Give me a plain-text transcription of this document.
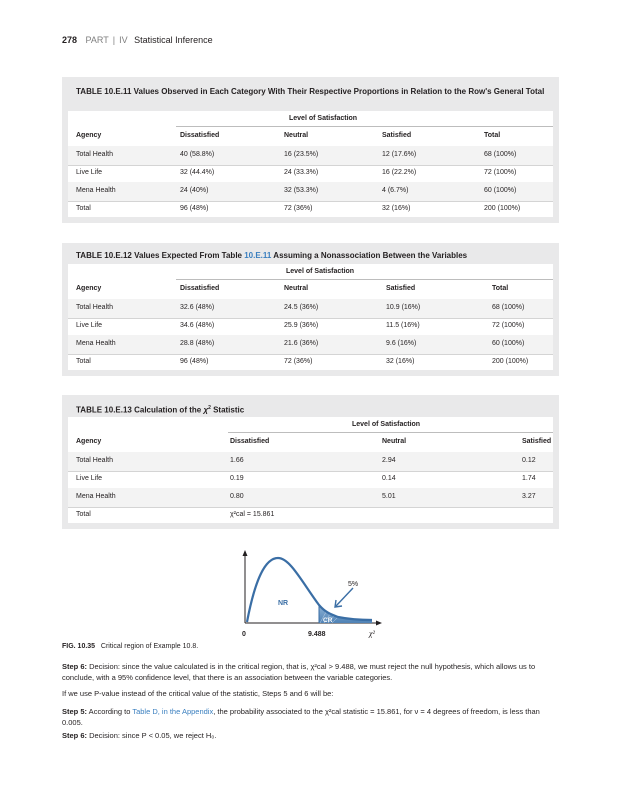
278 PART | IV Statistical Inference
TABLE 10.E.11 Values Observed in Each Category With Their Respective Proportions in Relation to the Row's General Total
Level of Satisfaction
Agency	Dissatisfied	Neutral	Satisfied	Total
Total Health	40 (58.8%)	16 (23.5%)	12 (17.6%)	68 (100%)
Live Life	32 (44.4%)	24 (33.3%)	16 (22.2%)	72 (100%)
Mena Health	24 (40%)	32 (53.3%)	4 (6.7%)	60 (100%)
Total	96 (48%)	72 (36%)	32 (16%)	200 (100%)
TABLE 10.E.12 Values Expected From Table 10.E.11 Assuming a Nonassociation Between the Variables
Level of Satisfaction
Agency	Dissatisfied	Neutral	Satisfied	Total
Total Health	32.6 (48%)	24.5 (36%)	10.9 (16%)	68 (100%)
Live Life	34.6 (48%)	25.9 (36%)	11.5 (16%)	72 (100%)
Mena Health	28.8 (48%)	21.6 (36%)	9.6 (16%)	60 (100%)
Total	96 (48%)	72 (36%)	32 (16%)	200 (100%)
TABLE 10.E.13 Calculation of the $\chi^2$ Statistic
Level of Satisfaction
Agency	Dissatisfied	Neutral	Satisfied
Total Health	1.66	2.94	0.12
Live Life	0.19	0.14	1.74
Mena Health	0.80	5.01	3.27
Total	χ²cal = 15.861
NR
CR
5%
0	9.488	χ²
FIG. 10.35 Critical region of Example 10.8.
Step 6: Decision: since the value calculated is in the critical region, that is, χ²cal > 9.488, we must reject the null hypothesis, which allows us to conclude, with a 95% confidence level, that there is an association between the variable categories.
If we use P-value instead of the critical value of the statistic, Steps 5 and 6 will be:
Step 5: According to Table D, in the Appendix, the probability associated to the χ²cal statistic = 15.861, for ν = 4 degrees of freedom, is less than 0.005.
Step 6: Decision: since P < 0.05, we reject H₀.
